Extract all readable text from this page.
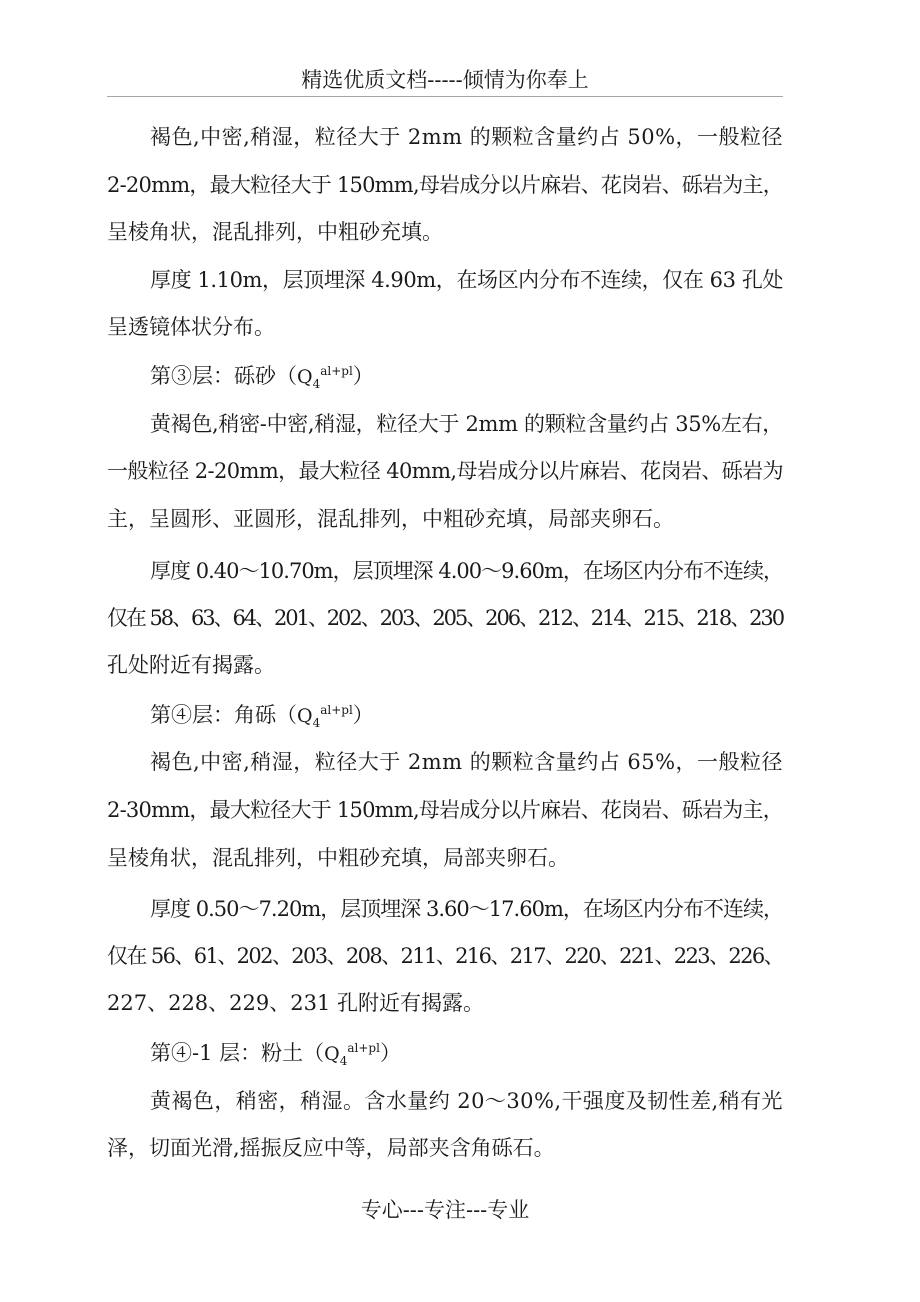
精选优质文档-----倾情为你奉上
褐色,中密,稍湿，粒径大于 2mm 的颗粒含量约占 50%，一般粒径
2-20mm，最大粒径大于 150mm,母岩成分以片麻岩、花岗岩、砾岩为主，
呈棱角状，混乱排列，中粗砂充填。
厚度 1.10m，层顶埋深 4.90m，在场区内分布不连续，仅在 63 孔处
呈透镜体状分布。
第③层：砾砂$(Q_4^{al+pl})$
黄褐色,稍密-中密,稍湿，粒径大于 2mm 的颗粒含量约占 35%左右，
一般粒径 2-20mm，最大粒径 40mm,母岩成分以片麻岩、花岗岩、砾岩为
主，呈圆形、亚圆形，混乱排列，中粗砂充填，局部夹卵石。
厚度 0.40～10.70m，层顶埋深 4.00～9.60m，在场区内分布不连续，
仅在 58、63、64、201、202、203、205、206、212、214、215、218、230
孔处附近有揭露。
第④层：角砾$(Q_4^{al+pl})$
褐色,中密,稍湿，粒径大于 2mm 的颗粒含量约占 65%，一般粒径
2-30mm，最大粒径大于 150mm,母岩成分以片麻岩、花岗岩、砾岩为主，
呈棱角状，混乱排列，中粗砂充填，局部夹卵石。
厚度 0.50～7.20m，层顶埋深 3.60～17.60m，在场区内分布不连续，
仅在 56、61、202、203、208、211、216、217、220、221、223、226、
227、228、229、231 孔附近有揭露。
第④-1 层：粉土$(Q_4^{al+pl})$
黄褐色，稍密，稍湿。含水量约 20～30%,干强度及韧性差,稍有光
泽，切面光滑,摇振反应中等，局部夹含角砾石。
专心---专注---专业
